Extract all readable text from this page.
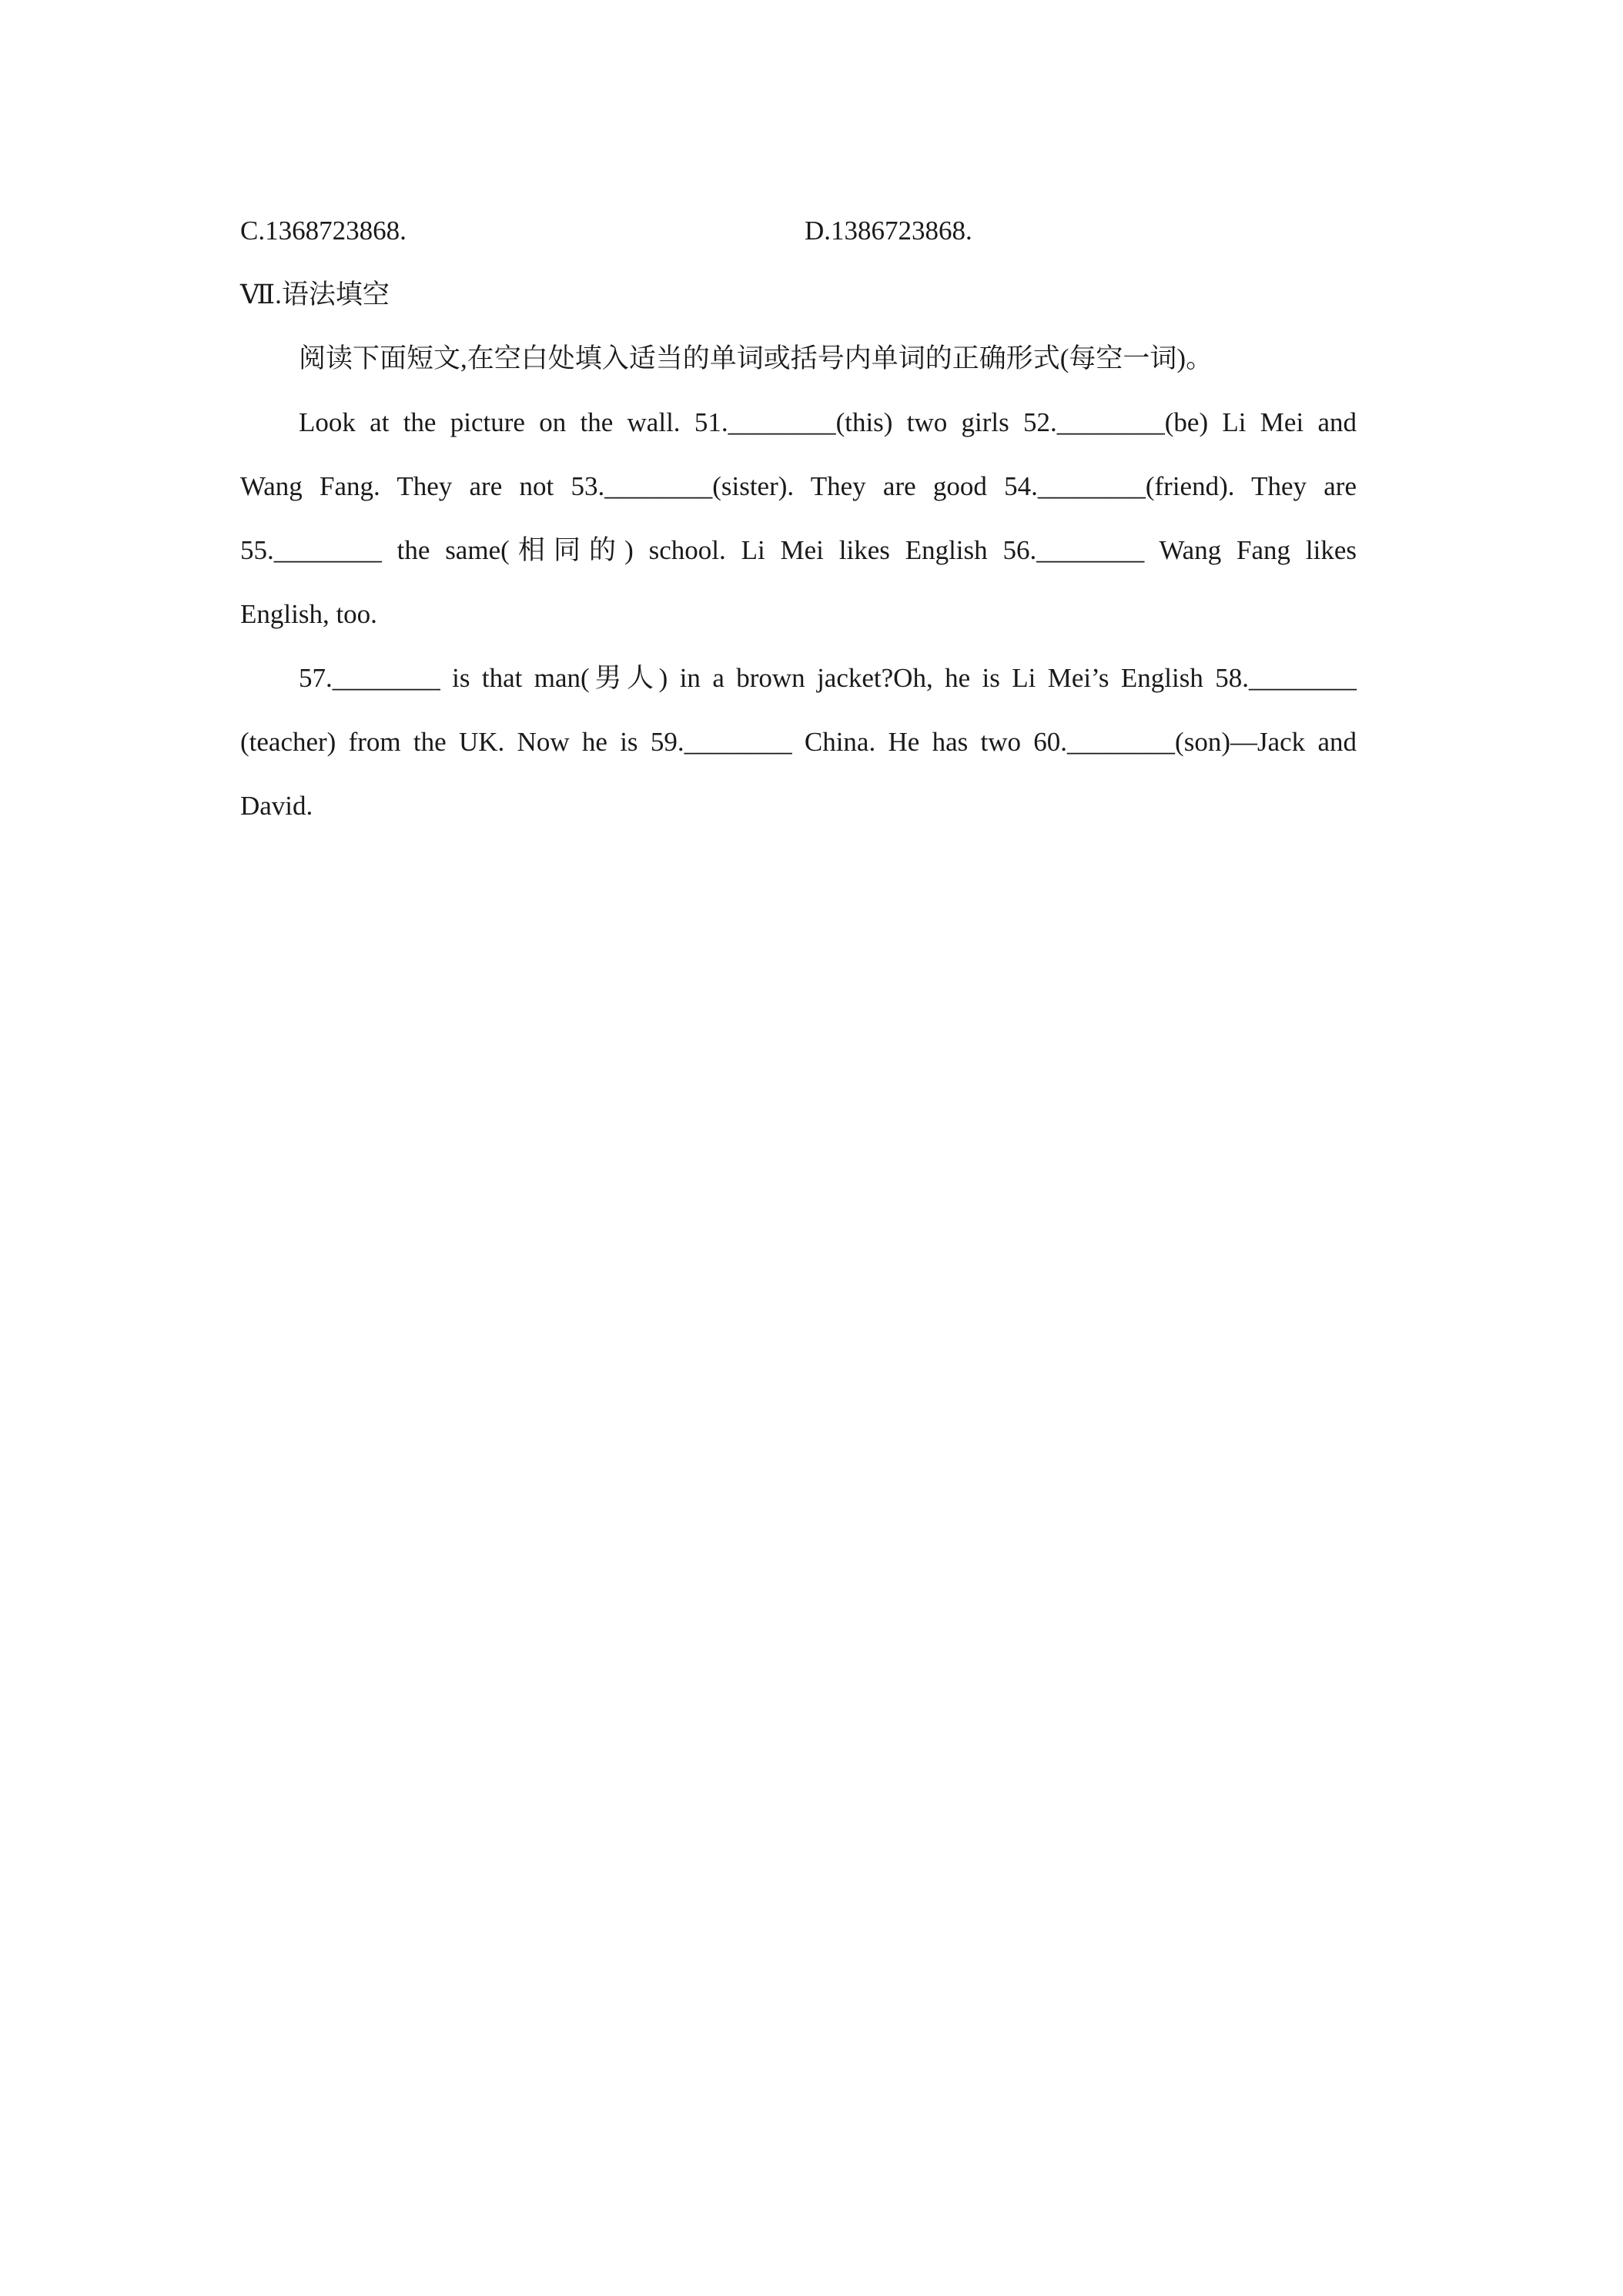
C.1368723868.	D.1386723868.
Ⅶ.语法填空
阅读下面短文,在空白处填入适当的单词或括号内单词的正确形式(每空一词)。
Look at the picture on the wall. 51.________(this) two girls 52.________(be) Li Mei and
Wang Fang. They are not 53.________(sister). They are good 54.________(friend). They are
55.________ the same(相同的) school. Li Mei likes English 56.________ Wang Fang likes
English, too.
57.________ is that man(男人) in a brown jacket?Oh, he is Li Mei’s English 58.________
(teacher) from the UK. Now he is 59.________ China. He has two 60.________(son)—Jack and
David.
